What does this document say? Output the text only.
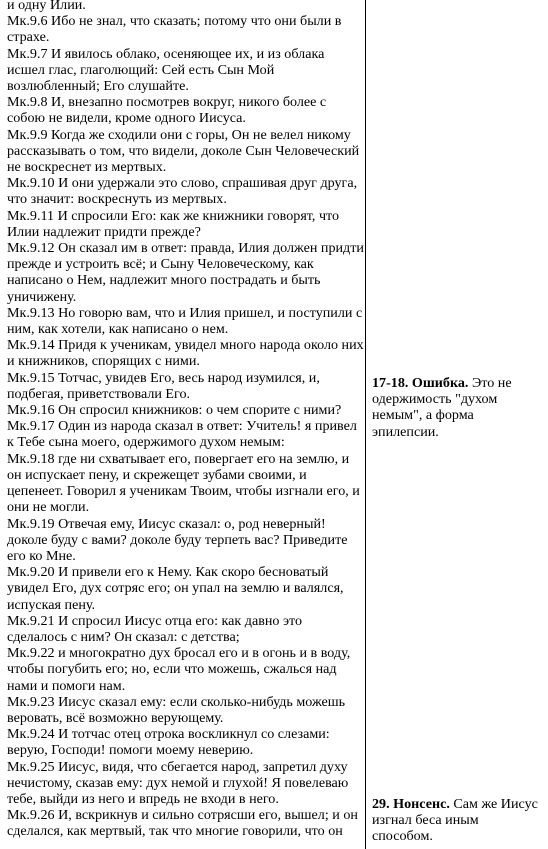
и одну Илии.

Мк.9.6 Ибо не знал, что сказать; потому что они были в страхе.

Мк.9.7 И явилось облако, осеняющее их, и из облака исшел глас, глаголющий: Сей есть Сын Мой возлюбленный; Его слушайте.

Мк.9.8 И, внезапно посмотрев вокруг, никого более с собою не видели, кроме одного Иисуса.

Мк.9.9 Когда же сходили они с горы, Он не велел никому рассказывать о том, что видели, доколе Сын Человеческий не воскреснет из мертвых.

Мк.9.10 И они удержали это слово, спрашивая друг друга, что значит: воскреснуть из мертвых.

Мк.9.11 И спросили Его: как же книжники говорят, что Илии надлежит придти прежде?

Мк.9.12 Он сказал им в ответ: правда, Илия должен придти прежде и устроить всё; и Сыну Человеческому, как написано о Нем, надлежит много пострадать и быть уничижену.

Мк.9.13 Но говорю вам, что и Илия пришел, и поступили с ним, как хотели, как написано о нем.

Мк.9.14 Придя к ученикам, увидел много народа около них и книжников, спорящих с ними.

Мк.9.15 Тотчас, увидев Его, весь народ изумился, и, подбегая, приветствовали Его.

Мк.9.16 Он спросил книжников: о чем спорите с ними?

Мк.9.17 Один из народа сказал в ответ: Учитель! я привел к Тебе сына моего, одержимого духом немым:

Мк.9.18 где ни схватывает его, повергает его на землю, и он испускает пену, и скрежещет зубами своими, и цепенеет. Говорил я ученикам Твоим, чтобы изгнали его, и они не могли.

Мк.9.19 Отвечая ему, Иисус сказал: о, род неверный! доколе буду с вами? доколе буду терпеть вас? Приведите его ко Мне.

Мк.9.20 И привели его к Нему. Как скоро бесноватый увидел Его, дух сотряс его; он упал на землю и валялся, испуская пену.

Мк.9.21 И спросил Иисус отца его: как давно это сделалось с ним? Он сказал: с детства;

Мк.9.22 и многократно дух бросал его и в огонь и в воду, чтобы погубить его; но, если что можешь, сжалься над нами и помоги нам.

Мк.9.23 Иисус сказал ему: если сколько-нибудь можешь веровать, всё возможно верующему.

Мк.9.24 И тотчас отец отрока воскликнул со слезами: верую, Господи! помоги моему неверию.

Мк.9.25 Иисус, видя, что сбегается народ, запретил духу нечистому, сказав ему: дух немой и глухой! Я повелеваю тебе, выйди из него и впредь не входи в него.

Мк.9.26 И, вскрикнув и сильно сотрясши его, вышел; и он сделался, как мертвый, так что многие говорили, что он

17-18. Ошибка. Это не одержимость "духом немым", а форма эпилепсии.

29. Нонсенс. Сам же Иисус изгнал беса иным способом.
